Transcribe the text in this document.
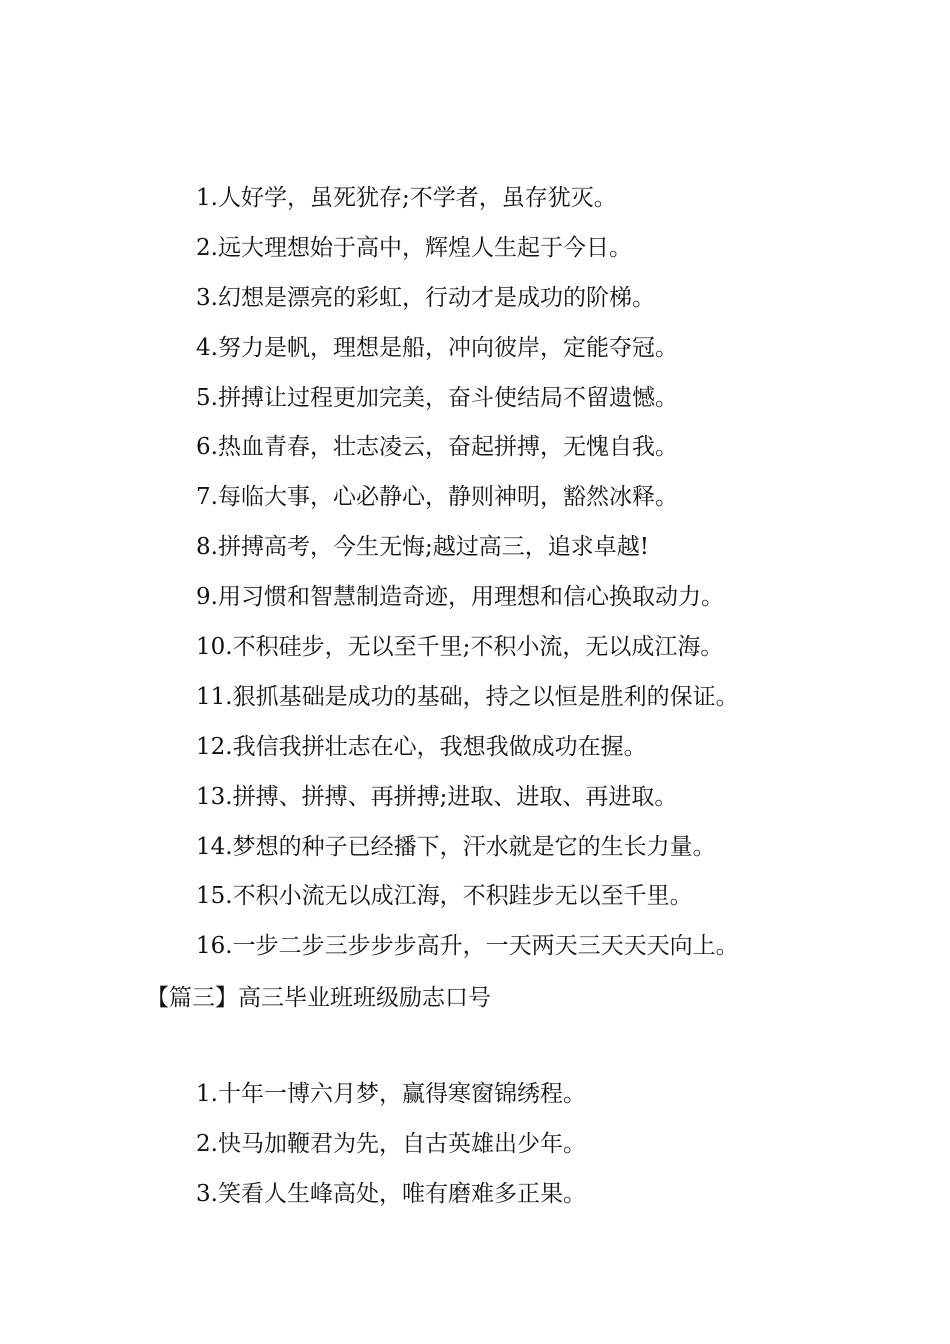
1.人好学，虽死犹存;不学者，虽存犹灭。
2.远大理想始于高中，辉煌人生起于今日。
3.幻想是漂亮的彩虹，行动才是成功的阶梯。
4.努力是帆，理想是船，冲向彼岸，定能夺冠。
5.拼搏让过程更加完美，奋斗使结局不留遗憾。
6.热血青春，壮志凌云，奋起拼搏，无愧自我。
7.每临大事，心必静心，静则神明，豁然冰释。
8.拼搏高考，今生无悔;越过高三，追求卓越!
9.用习惯和智慧制造奇迹，用理想和信心换取动力。
10.不积硅步，无以至千里;不积小流，无以成江海。
11.狠抓基础是成功的基础，持之以恒是胜利的保证。
12.我信我拼壮志在心，我想我做成功在握。
13.拼搏、拼搏、再拼搏;进取、进取、再进取。
14.梦想的种子已经播下，汗水就是它的生长力量。
15.不积小流无以成江海，不积跬步无以至千里。
16.一步二步三步步步高升，一天两天三天天天向上。
【篇三】高三毕业班班级励志口号
1.十年一博六月梦，赢得寒窗锦绣程。
2.快马加鞭君为先，自古英雄出少年。
3.笑看人生峰高处，唯有磨难多正果。
